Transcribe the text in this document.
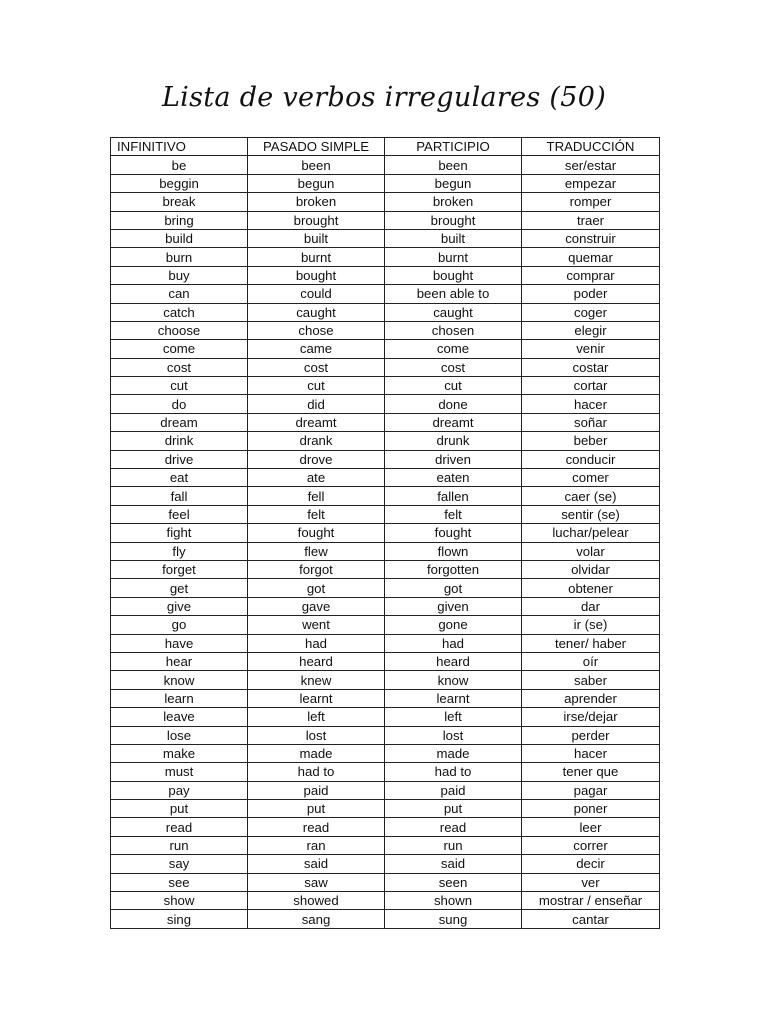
Lista de verbos irregulares (50)
INFINITIVO	PASADO SIMPLE	PARTICIPIO	TRADUCCIÓN
be	been	been	ser/estar
beggin	begun	begun	empezar
break	broken	broken	romper
bring	brought	brought	traer
build	built	built	construir
burn	burnt	burnt	quemar
buy	bought	bought	comprar
can	could	been able to	poder
catch	caught	caught	coger
choose	chose	chosen	elegir
come	came	come	venir
cost	cost	cost	costar
cut	cut	cut	cortar
do	did	done	hacer
dream	dreamt	dreamt	soñar
drink	drank	drunk	beber
drive	drove	driven	conducir
eat	ate	eaten	comer
fall	fell	fallen	caer (se)
feel	felt	felt	sentir (se)
fight	fought	fought	luchar/pelear
fly	flew	flown	volar
forget	forgot	forgotten	olvidar
get	got	got	obtener
give	gave	given	dar
go	went	gone	ir (se)
have	had	had	tener/ haber
hear	heard	heard	oír
know	knew	know	saber
learn	learnt	learnt	aprender
leave	left	left	irse/dejar
lose	lost	lost	perder
make	made	made	hacer
must	had to	had to	tener que
pay	paid	paid	pagar
put	put	put	poner
read	read	read	leer
run	ran	run	correr
say	said	said	decir
see	saw	seen	ver
show	showed	shown	mostrar / enseñar
sing	sang	sung	cantar
